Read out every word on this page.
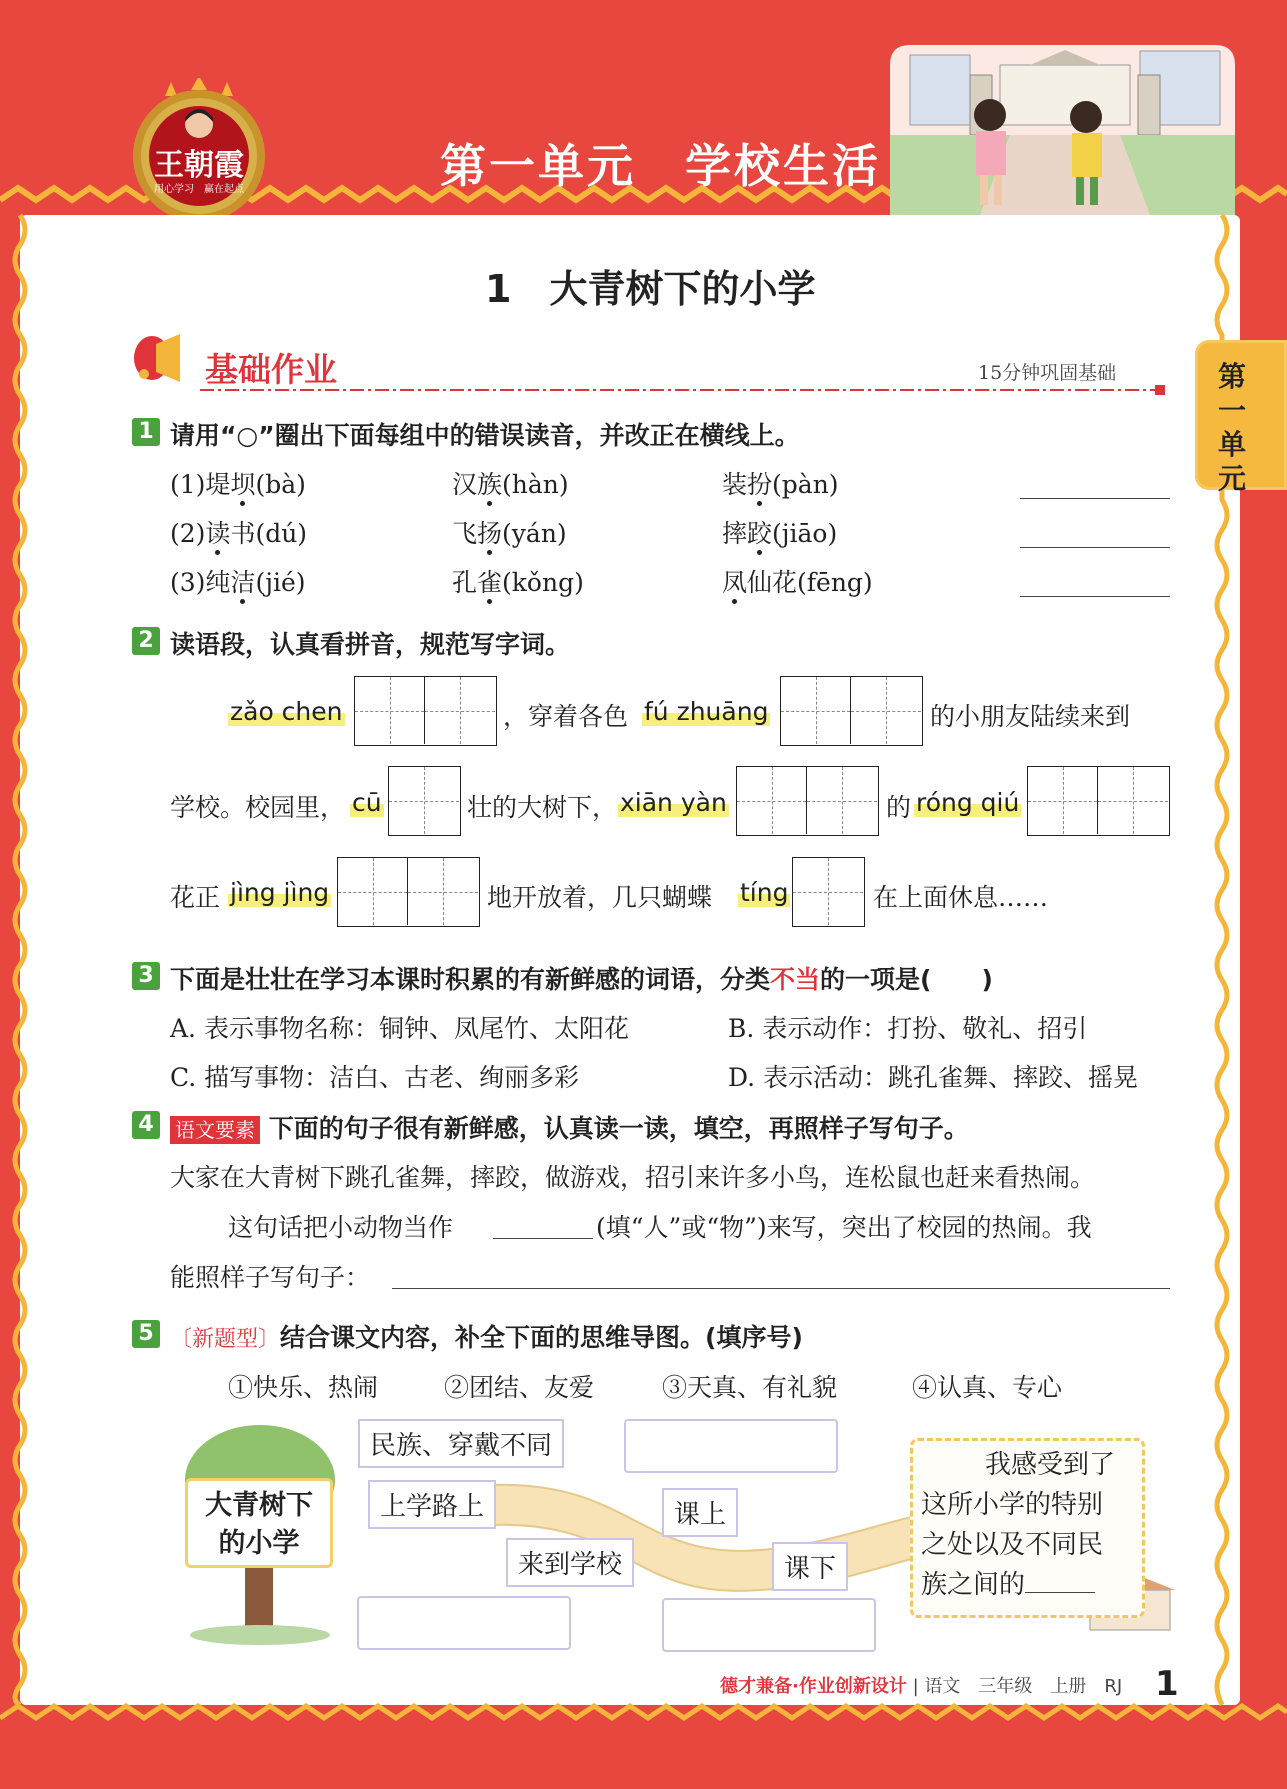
王朝霞
用心学习　赢在起点	第一单元　学校生活
第一单元
1　大青树下的小学
基础作业	15分钟巩固基础
1 请用“○”圈出下面每组中的错误读音，并改正在横线上。
(1)堤坝(bà)	汉族(hàn)	装扮(pàn)
(2)读书(dú)	飞扬(yán)	摔跤(jiāo)
(3)纯洁(jié)	孔雀(kǒng)	凤仙花(fēng)
2 读语段，认真看拼音，规范写字词。
zǎo chen	，穿着各色 fú zhuāng	的小朋友陆续来到
学校。校园里， cū	壮的大树下， xiān yàn	的 róng qiú
花正 jìng jìng	地开放着，几只蝴蝶 tíng	在上面休息……
3 下面是壮壮在学习本课时积累的有新鲜感的词语，分类不当的一项是(　　)
A. 表示事物名称：铜钟、凤尾竹、太阳花	B. 表示动作：打扮、敬礼、招引
C. 描写事物：洁白、古老、绚丽多彩	D. 表示活动：跳孔雀舞、摔跤、摇晃
4	语文要素 下面的句子很有新鲜感，认真读一读，填空，再照样子写句子。
大家在大青树下跳孔雀舞，摔跤，做游戏，招引来许多小鸟，连松鼠也赶来看热闹。
这句话把小动物当作	(填“人”或“物”)来写，突出了校园的热闹。我
能照样子写句子：
5 〔新题型〕结合课文内容，补全下面的思维导图。(填序号)
①快乐、热闹	②团结、友爱	③天真、有礼貌	④认真、专心
大青树下
的小学
民族、穿戴不同
上学路上	课上
来到学校	课下
我感受到了
这所小学的特别
之处以及不同民
族之间的
德才兼备·作业创新设计 | 语文　三年级　上册　RJ 1
